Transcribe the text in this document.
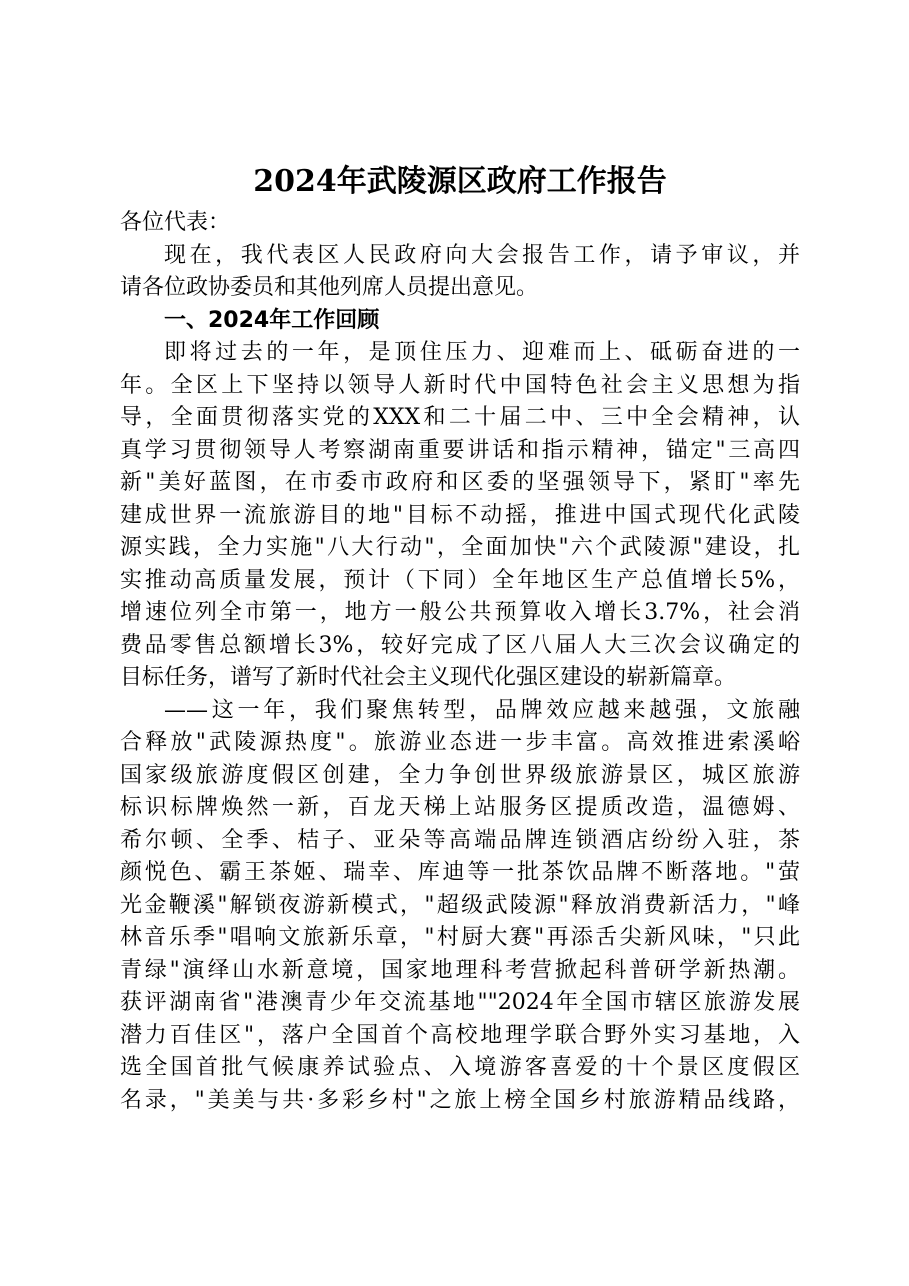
2024年武陵源区政府工作报告
各位代表：
现在，我代表区人民政府向大会报告工作，请予审议，并
请各位政协委员和其他列席人员提出意见。
一、2024年工作回顾
即将过去的一年，是顶住压力、迎难而上、砥砺奋进的一
年。全区上下坚持以领导人新时代中国特色社会主义思想为指
导，全面贯彻落实党的XXX和二十届二中、三中全会精神，认
真学习贯彻领导人考察湖南重要讲话和指示精神，锚定"三高四
新"美好蓝图，在市委市政府和区委的坚强领导下，紧盯"率先
建成世界一流旅游目的地"目标不动摇，推进中国式现代化武陵
源实践，全力实施"八大行动"，全面加快"六个武陵源"建设，扎
实推动高质量发展，预计（下同）全年地区生产总值增长5%，
增速位列全市第一，地方一般公共预算收入增长3.7%，社会消
费品零售总额增长3%，较好完成了区八届人大三次会议确定的
目标任务，谱写了新时代社会主义现代化强区建设的崭新篇章。
——这一年，我们聚焦转型，品牌效应越来越强，文旅融
合释放"武陵源热度"。旅游业态进一步丰富。高效推进索溪峪
国家级旅游度假区创建，全力争创世界级旅游景区，城区旅游
标识标牌焕然一新，百龙天梯上站服务区提质改造，温德姆、
希尔顿、全季、桔子、亚朵等高端品牌连锁酒店纷纷入驻，茶
颜悦色、霸王茶姬、瑞幸、库迪等一批茶饮品牌不断落地。"萤
光金鞭溪"解锁夜游新模式，"超级武陵源"释放消费新活力，"峰
林音乐季"唱响文旅新乐章，"村厨大赛"再添舌尖新风味，"只此
青绿"演绎山水新意境，国家地理科考营掀起科普研学新热潮。
获评湖南省"港澳青少年交流基地""2024年全国市辖区旅游发展
潜力百佳区"，落户全国首个高校地理学联合野外实习基地，入
选全国首批气候康养试验点、入境游客喜爱的十个景区度假区
名录，"美美与共·多彩乡村"之旅上榜全国乡村旅游精品线路，
